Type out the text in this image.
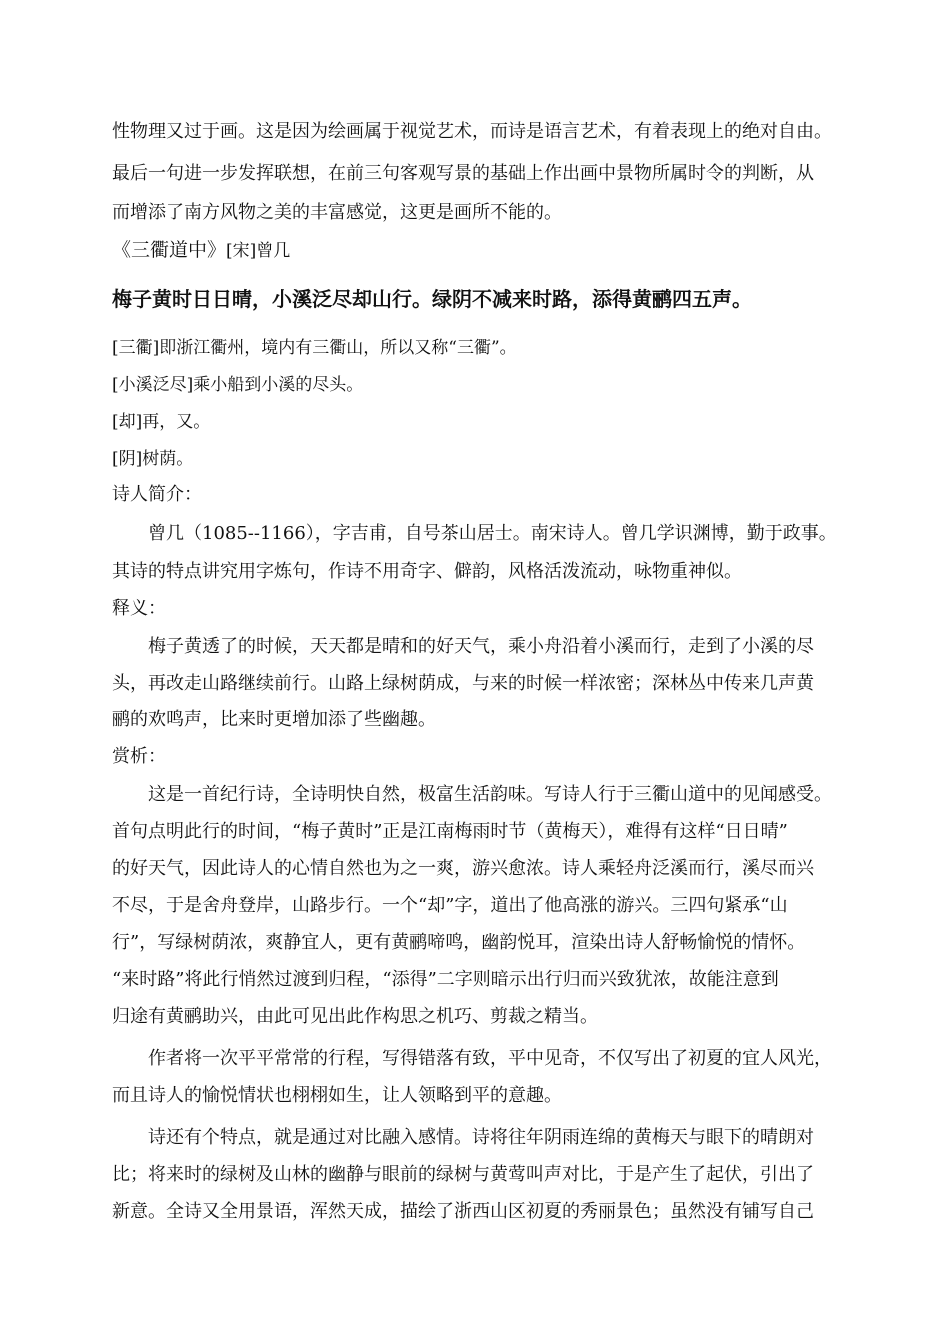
性物理又过于画。这是因为绘画属于视觉艺术，而诗是语言艺术，有着表现上的绝对自由。
最后一句进一步发挥联想，在前三句客观写景的基础上作出画中景物所属时令的判断，从
而增添了南方风物之美的丰富感觉，这更是画所不能的。
《三衢道中》[宋]曾几
梅子黄时日日晴，小溪泛尽却山行。绿阴不减来时路，添得黄鹂四五声。
[三衢]即浙江衢州，境内有三衢山，所以又称“三衢”。
[小溪泛尽]乘小船到小溪的尽头。
[却]再，又。
[阴]树荫。
诗人简介：
曾几（1085--1166），字吉甫，自号茶山居士。南宋诗人。曾几学识渊博，勤于政事。
其诗的特点讲究用字炼句，作诗不用奇字、僻韵，风格活泼流动，咏物重神似。
释义：
梅子黄透了的时候，天天都是晴和的好天气，乘小舟沿着小溪而行，走到了小溪的尽
头，再改走山路继续前行。山路上绿树荫成，与来的时候一样浓密；深林丛中传来几声黄
鹂的欢鸣声，比来时更增加添了些幽趣。
赏析：
这是一首纪行诗，全诗明快自然，极富生活韵味。写诗人行于三衢山道中的见闻感受。
首句点明此行的时间，“梅子黄时”正是江南梅雨时节（黄梅天），难得有这样“日日晴”
的好天气，因此诗人的心情自然也为之一爽，游兴愈浓。诗人乘轻舟泛溪而行，溪尽而兴
不尽，于是舍舟登岸，山路步行。一个“却”字，道出了他高涨的游兴。三四句紧承“山
行”，写绿树荫浓，爽静宜人，更有黄鹂啼鸣，幽韵悦耳，渲染出诗人舒畅愉悦的情怀。
“来时路”将此行悄然过渡到归程，“添得”二字则暗示出行归而兴致犹浓，故能注意到
归途有黄鹂助兴，由此可见出此作构思之机巧、剪裁之精当。
作者将一次平平常常的行程，写得错落有致，平中见奇，不仅写出了初夏的宜人风光，
而且诗人的愉悦情状也栩栩如生，让人领略到平的意趣。
诗还有个特点，就是通过对比融入感情。诗将往年阴雨连绵的黄梅天与眼下的晴朗对
比；将来时的绿树及山林的幽静与眼前的绿树与黄莺叫声对比，于是产生了起伏，引出了
新意。全诗又全用景语，浑然天成，描绘了浙西山区初夏的秀丽景色；虽然没有铺写自己
